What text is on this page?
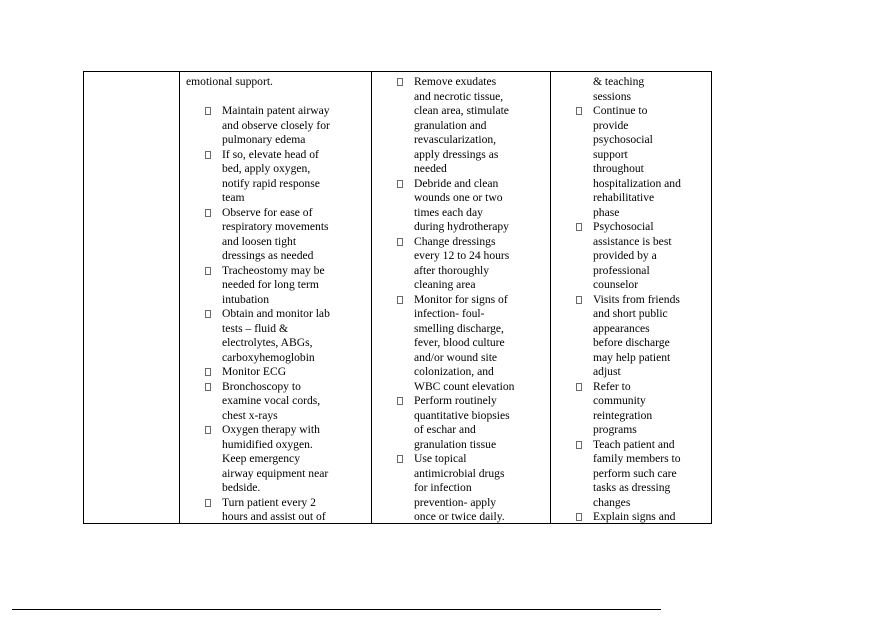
emotional support.

Maintain patent airway
and observe closely for
pulmonary edema
If so, elevate head of
bed, apply oxygen,
notify rapid response
team
Observe for ease of
respiratory movements
and loosen tight
dressings as needed
Tracheostomy may be
needed for long term
intubation
Obtain and monitor lab
tests – fluid &
electrolytes, ABGs,
carboxyhemoglobin
Monitor ECG
Bronchoscopy to
examine vocal cords,
chest x-rays
Oxygen therapy with
humidified oxygen.
Keep emergency
airway equipment near
bedside.
Turn patient every 2
hours and assist out of
Remove exudates
and necrotic tissue,
clean area, stimulate
granulation and
revascularization,
apply dressings as
needed
Debride and clean
wounds one or two
times each day
during hydrotherapy
Change dressings
every 12 to 24 hours
after thoroughly
cleaning area
Monitor for signs of
infection- foul-
smelling discharge,
fever, blood culture
and/or wound site
colonization, and
WBC count elevation
Perform routinely
quantitative biopsies
of eschar and
granulation tissue
Use topical
antimicrobial drugs
for infection
prevention- apply
once or twice daily.

& teaching
sessions

Continue to
provide
psychosocial
support
throughout
hospitalization and
rehabilitative
phase
Psychosocial
assistance is best
provided by a
professional
counselor
Visits from friends
and short public
appearances
before discharge
may help patient
adjust
Refer to
community
reintegration
programs
Teach patient and
family members to
perform such care
tasks as dressing
changes
Explain signs and
